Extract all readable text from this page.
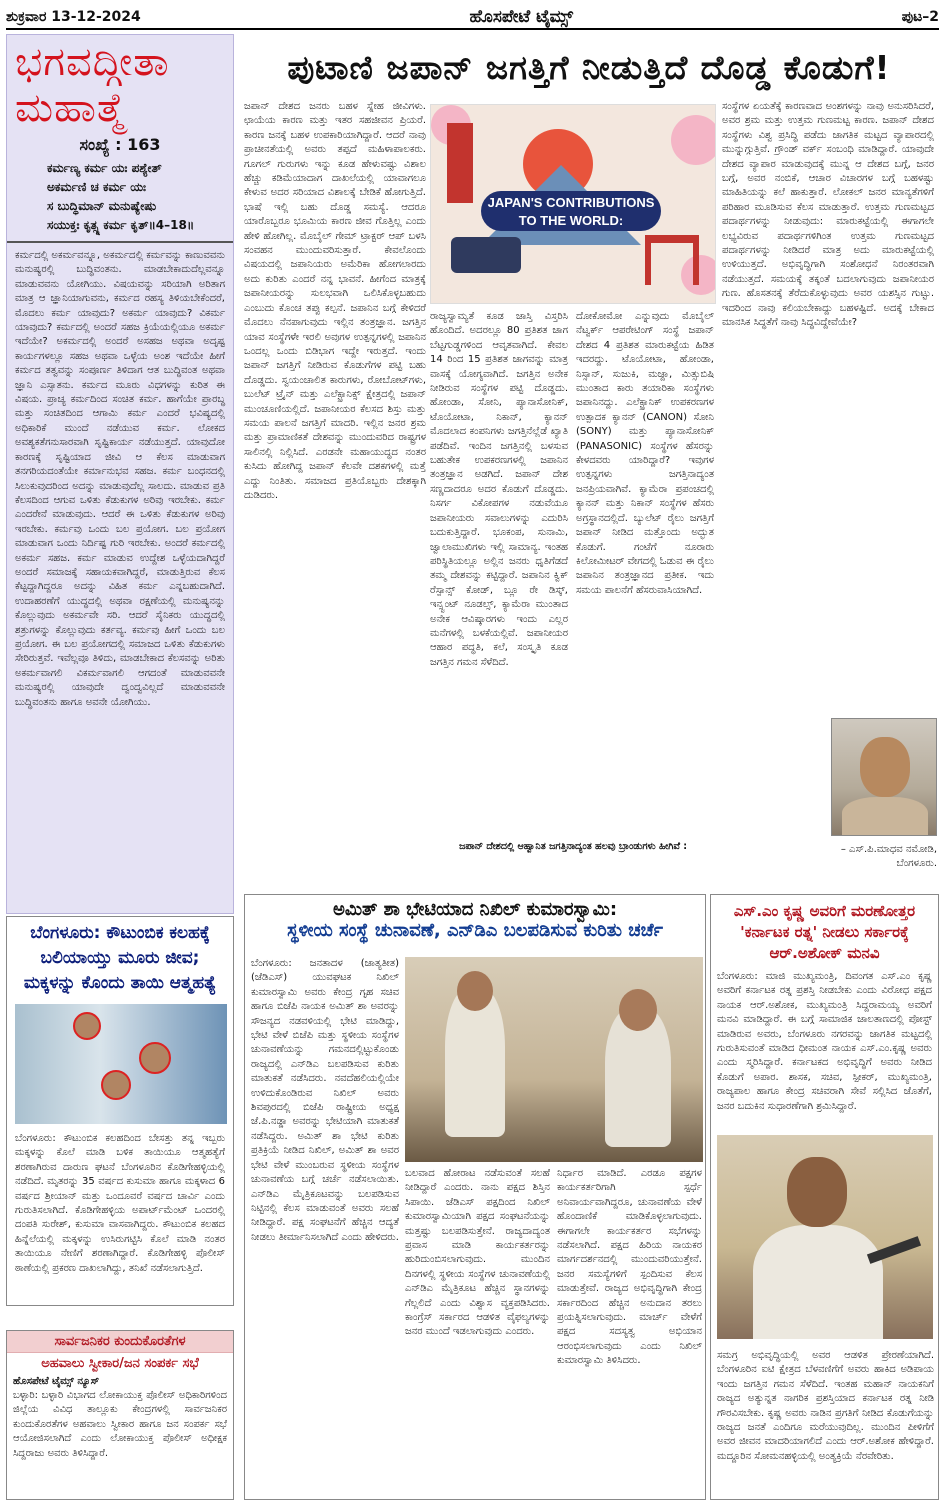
ಶುಕ್ರವಾರ 13-12-2024	ಹೊಸಪೇಟೆ ಟೈಮ್ಸ್	ಪುಟ–2
ಭಗವದ್ಗೀತಾ
ಮಹಾತ್ಮೆ
ಸಂಖ್ಯೆ : 163
ಕರ್ಮಣ್ಯ ಕರ್ಮ ಯಃ ಪಶ್ಯೇತ್
ಅಕರ್ಮಣಿ ಚ ಕರ್ಮ ಯಃ
ಸ ಬುದ್ಧಿಮಾನ್ ಮನುಷ್ಯೇಷು
ಸಯುಕ್ತಃ ಕೃತ್ಸ್ನ ಕರ್ಮ ಕೃತ್‌॥4–18॥
ಕರ್ಮದಲ್ಲಿ ಅಕರ್ಮವನ್ನೂ, ಅಕರ್ಮದಲ್ಲಿ ಕರ್ಮವನ್ನು ಕಾಣುವವನು ಮನುಷ್ಯರಲ್ಲಿ ಬುದ್ಧಿವಂತನು. ಮಾಡಬೇಕಾದುದೆಲ್ಲವನ್ನೂ ಮಾಡುವವನು ಯೋಗಿಯು. ವಿಷಯವನ್ನು ಸರಿಯಾಗಿ ಅರಿತಾಗ ಮಾತ್ರ ಆ ಜ್ಞಾನಿಯಾಗುವನು, ಕರ್ಮದ ರಹಸ್ಯ ತಿಳಿಯಬೇಕೆಂದರೆ, ಮೊದಲು ಕರ್ಮ ಯಾವುದು? ಅಕರ್ಮ ಯಾವುದು? ವಿಕರ್ಮ ಯಾವುದು? ಕರ್ಮದಲ್ಲಿ ಅಂದರೆ ಸಹಜ ಕ್ರಿಯೆಯಲ್ಲಿಯೂ ಅಕರ್ಮ ಇದೆಯೇ? ಅಕರ್ಮದಲ್ಲಿ ಅಂದರೆ ಅಸಹಜ ಅಥವಾ ಅದೃಷ್ಟ ಕಾರ್ಯಗಳಲ್ಲೂ ಸಹಜ ಅಥವಾ ಒಳ್ಳೆಯ ಅಂಶ ಇದೆಯೇ ಹೀಗೆ ಕರ್ಮದ ತತ್ವವನ್ನು ಸಂಪೂರ್ಣ ತಿಳಿದಾಗ ಆತ ಬುದ್ಧಿವಂತ ಅಥವಾ ಜ್ಞಾನಿ ಎಸ್ಸಾತನು. ಕರ್ಮದ ಮೂರು ವಿಧಗಳನ್ನು ಕುರಿತ ಈ ವಿಷಯ. ಪ್ರಾಚ್ಯ ಕರ್ಮದಿಂದ ಸಂಚಿತ ಕರ್ಮ. ಹಾಗೆಯೇ ಪ್ರಾರಬ್ಧ ಮತ್ತು ಸಂಚಿತದಿಂದ ಆಗಾಮಿ ಕರ್ಮ ಎಂದರೆ ಭವಿಷ್ಯದಲ್ಲಿ ಅಧಿಕಾರಿಕೆ ಮುಂದೆ ನಡೆಯುವ ಕರ್ಮ. ಲೋಕದ ಅವಶ್ಯಕತೆಗನುಸಾರವಾಗಿ ಸೃಷ್ಟಿಕಾರ್ಯ ನಡೆಯುತ್ತದೆ. ಯಾವುದೋ ಕಾರಣಕ್ಕೆ ಸೃಷ್ಟಿಯಾದ ಜೀವಿ ಆ ಕೆಲಸ ಮಾಡುವಾಗ ತನಗರಿಯದಂತೆಯೇ ಕರ್ಮಾನುಭವ ಸಹಜ. ಕರ್ಮ ಬಂಧನದಲ್ಲಿ ಸಿಲುಕುವುದರಿಂದ ಅದನ್ನು ಮಾಡುವುದೆಲ್ಲ ಸಾಲದು. ಮಾಡುವ ಪ್ರತಿ ಕೆಲಸದಿಂದ ಆಗುವ ಒಳಿತು ಕೆಡುಕುಗಳ ಅರಿವು ಇರಬೇಕು. ಕರ್ಮ ಎಂದರೇನೆ ಮಾಡುವುದು. ಆದರೆ ಈ ಒಳಿತು ಕೆಡುಕುಗಳ ಅರಿವು ಇರಬೇಕು. ಕರ್ಮವು ಒಂದು ಬಲ ಪ್ರಯೋಗ. ಬಲ ಪ್ರಯೋಗ ಮಾಡುವಾಗ ಒಂದು ನಿರ್ದಿಷ್ಟ ಗುರಿ ಇರಬೇಕು. ಅಂದರೆ ಕರ್ಮದಲ್ಲಿ ಅಕರ್ಮ ಸಹಜ. ಕರ್ಮ ಮಾಡುವ ಉದ್ದೇಶ ಒಳ್ಳೆಯದಾಗಿದ್ದರೆ ಅಂದರೆ ಸಮಾಜಕ್ಕೆ ಸಹಾಯಕವಾಗಿದ್ದರೆ, ಮಾಡುತ್ತಿರುವ ಕೆಲಸ ಕೆಟ್ಟದ್ದಾಗಿದ್ದರೂ ಅದನ್ನು ವಿಹಿತ ಕರ್ಮ ಎನ್ನಬಹುದಾಗಿದೆ. ಉದಾಹರಣೆಗೆ ಯುದ್ಧದಲ್ಲಿ ಅಥವಾ ರಕ್ಷಣೆಯಲ್ಲಿ ಮನುಷ್ಯನನ್ನು ಕೊಲ್ಲುವುದು ಅಕರ್ಮವೇ ಸರಿ. ಆದರೆ ಸೈನಿಕರು ಯುದ್ಧದಲ್ಲಿ ಶತ್ರುಗಳನ್ನು ಕೊಲ್ಲುವುದು ಕರ್ತವ್ಯ. ಕರ್ಮವು ಹೀಗೆ ಒಂದು ಬಲ ಪ್ರಯೋಗ. ಈ ಬಲ ಪ್ರಯೋಗದಲ್ಲಿ ಸಮಾಜದ ಒಳಿತು ಕೆಡುಕುಗಳು ಸೇರಿರುತ್ತವೆ. ಇವೆಲ್ಲವೂ ತಿಳಿದು, ಮಾಡಬೇಕಾದ ಕೆಲಸವನ್ನು ಅರಿತು ಅಕರ್ಮವಾಗಲಿ ವಿಕರ್ಮವಾಗಲಿ ಆಗದಂತೆ ಮಾಡುವವನೇ ಮನುಷ್ಯರಲ್ಲಿ ಯಾವುದೇ ದ್ವಂದ್ವವಿಲ್ಲದೆ ಮಾಡುವವನೇ ಬುದ್ಧಿವಂತನು ಹಾಗೂ ಅವನೇ ಯೋಗಿಯು.
– ಎಸ್.ಪಿ.ಮಾಧವ ನಮೋಡಿ,
ಬೆಂಗಳೂರು.
ಪುಟಾಣಿ ಜಪಾನ್ ಜಗತ್ತಿಗೆ ನೀಡುತ್ತಿದೆ ದೊಡ್ಡ ಕೊಡುಗೆ!
ಜಪಾನ್ ದೇಶದ ಜನರು ಬಹಳ ಸ್ನೇಹ ಜೀವಿಗಳು. ಛಾಯೆಯ ಕಾರಣ ಮತ್ತು ಇತರ ಸಹಜೀವನ ಪ್ರಿಯರೆ. ಕಾರಣ ಜನಕ್ಕೆ ಬಹಳ ಉಪಕಾರಿಯಾಗಿದ್ದಾರೆ. ಆದರೆ ನಾವು ಪ್ರಾಚೀನತೆಯಲ್ಲಿ ಅವರು ತಪ್ಪದೆ ಮಹಿಳಾಪಾಲಕರು. ಗೂಗಲ್ ಗುರುಗಳು ಇನ್ನು ಕೂಡ ಹೇಳುವಷ್ಟು ವಿಶಾಲ ಹೆಚ್ಚು ಕಡಿಮೆಯಾದಾಗ ದಾಖಲೆಯಲ್ಲಿ ಯಾವಾಗಲೂ ಕೇಳುವ ಅದರ ಸರಿಯಾದ ವಿಶಾಲಕ್ಕೆ ಬೇಡಿಕೆ ಹೋಗುತ್ತಿದೆ. ಭಾಷೆ ಇಲ್ಲಿ ಬಹು ದೊಡ್ಡ ಸಮಸ್ಯೆ. ಆದರೂ ಯಾರೊಬ್ಬರೂ ಭೂಮಿಯ ಕಾರಣ ಜೀವ ಗೊತ್ತಿಲ್ಲ ಎಂದು ಹೇಳಿ ಹೋಗಿಲ್ಲ. ಮೊಬೈಲ್ ಗೇಮ್ ಟ್ರಾಕ್ಟರ್ ಆಪ್ ಬಳಸಿ ಸಂವಹನ ಮುಂದುವರಿಸುತ್ತಾರೆ. ಕೇವಲೊಂದು ವಿಷಯದಲ್ಲಿ ಜಪಾನಿಯರು ಅಮೆರಿಕಾ ಹೋಗಲಾರದು ಅದು ಕುರಿತು ಎಂದರೆ ನನ್ನ ಭಾವನೆ. ಹೀಗೆಂದ ಮಾತ್ರಕ್ಕೆ ಜಪಾನೀಯರನ್ನು ಸುಲಭವಾಗಿ ಒಲಿಸಿಕೊಳ್ಳಬಹುದು ಎಂಬುದು ಕೊಂಚ ತಪ್ಪು ಕಲ್ಪನೆ. ಜಪಾನಿನ ಬಗ್ಗೆ ಕೇಳಿದರೆ ಮೊದಲು ನೆನಪಾಗುವುದು ಇಲ್ಲಿನ ತಂತ್ರಜ್ಞಾನ. ಜಗತ್ತಿನ ಯಾವ ಸಂಸ್ಥೆಗಳೇ ಇರಲಿ ಅವುಗಳ ಉತ್ಪನ್ನಗಳಲ್ಲಿ ಜಪಾನಿನ ಒಂದಲ್ಲ ಒಂದು ಬಿಡಿಭಾಗ ಇದ್ದೇ ಇರುತ್ತದೆ. ಇಂದು ಜಪಾನ್ ಜಗತ್ತಿಗೆ ನೀಡಿರುವ ಕೊಡುಗೆಗಳ ಪಟ್ಟಿ ಬಹು ದೊಡ್ಡದು. ಸ್ವಯಂಚಾಲಿತ ಕಾರುಗಳು, ರೋಬೋಟ್‌ಗಳು, ಬುಲೆಟ್ ಟ್ರೈನ್ ಮತ್ತು ಎಲೆಕ್ಟ್ರಾನಿಕ್ಸ್ ಕ್ಷೇತ್ರದಲ್ಲಿ ಜಪಾನ್ ಮುಂಚೂಣಿಯಲ್ಲಿದೆ. ಜಪಾನೀಯರ ಕೆಲಸದ ಶಿಸ್ತು ಮತ್ತು ಸಮಯ ಪಾಲನೆ ಜಗತ್ತಿಗೆ ಮಾದರಿ. ಇಲ್ಲಿನ ಜನರ ಶ್ರಮ ಮತ್ತು ಪ್ರಾಮಾಣಿಕತೆ ದೇಶವನ್ನು ಮುಂದುವರಿದ ರಾಷ್ಟ್ರಗಳ ಸಾಲಿನಲ್ಲಿ ನಿಲ್ಲಿಸಿದೆ. ಎರಡನೇ ಮಹಾಯುದ್ಧದ ನಂತರ ಕುಸಿದು ಹೋಗಿದ್ದ ಜಪಾನ್ ಕೆಲವೇ ದಶಕಗಳಲ್ಲಿ ಮತ್ತೆ ಎದ್ದು ನಿಂತಿತು. ಸಮಾಜದ ಪ್ರತಿಯೊಬ್ಬರು ದೇಶಕ್ಕಾಗಿ ದುಡಿದರು.
JAPAN'S CONTRIBUTIONS
TO THE WORLD:
ರಾಜ್ಯಸ್ವಾಮ್ಯತೆ ಕೂಡ ಜಾಸ್ತಿ ವಿಸ್ತರಿಸಿ ಹೊಂದಿದೆ. ಅದರಲ್ಲೂ 80 ಪ್ರತಿಶತ ಜಾಗ ಬೆಟ್ಟಗುಡ್ಡಗಳಿಂದ ಆವೃತವಾಗಿದೆ. ಕೇವಲ 14 ರಿಂದ 15 ಪ್ರತಿಶತ ಜಾಗವನ್ನು ಮಾತ್ರ ವಾಸಕ್ಕೆ ಯೋಗ್ಯವಾಗಿದೆ. ಜಗತ್ತಿನ ಅನೇಕ ನೀಡಿರುವ ಸಂಸ್ಥೆಗಳ ಪಟ್ಟಿ ದೊಡ್ಡದು. ಹೋಂಡಾ, ಸೋನಿ, ಪ್ಯಾನಾಸೋನಿಕ್, ಟೊಯೋಟಾ, ನಿಕಾನ್, ಕ್ಯಾನನ್ ಮೊದಲಾದ ಕಂಪನಿಗಳು ಜಗತ್ತಿನೆಲ್ಲೆಡೆ ಖ್ಯಾತಿ ಪಡೆದಿವೆ. ಇಂದಿನ ಜಗತ್ತಿನಲ್ಲಿ ಬಳಸುವ ಬಹುತೇಕ ಉಪಕರಣಗಳಲ್ಲಿ ಜಪಾನಿನ ತಂತ್ರಜ್ಞಾನ ಅಡಗಿದೆ. ಜಪಾನ್ ದೇಶ ಸಣ್ಣದಾದರೂ ಅದರ ಕೊಡುಗೆ ದೊಡ್ಡದು. ನಿಸರ್ಗ ವಿಕೋಪಗಳ ನಡುವೆಯೂ ಜಪಾನೀಯರು ಸವಾಲುಗಳನ್ನು ಎದುರಿಸಿ ಬದುಕುತ್ತಿದ್ದಾರೆ. ಭೂಕಂಪ, ಸುನಾಮಿ, ಜ್ವಾಲಾಮುಖಿಗಳು ಇಲ್ಲಿ ಸಾಮಾನ್ಯ. ಇಂತಹ ಪರಿಸ್ಥಿತಿಯಲ್ಲೂ ಅಲ್ಲಿನ ಜನರು ಧೃತಿಗೆಡದೆ ತಮ್ಮ ದೇಶವನ್ನು ಕಟ್ಟಿದ್ದಾರೆ. ಜಪಾನಿನ ಕ್ವಿಕ್ ರೆಸ್ಪಾನ್ಸ್ ಕೋಡ್, ಬ್ಲೂ ರೇ ಡಿಸ್ಕ್, ಇನ್ಸ್ಟಂಟ್ ನೂಡಲ್ಸ್, ಕ್ಯಾಮೆರಾ ಮುಂತಾದ ಅನೇಕ ಆವಿಷ್ಕಾರಗಳು ಇಂದು ಎಲ್ಲರ ಮನೆಗಳಲ್ಲಿ ಬಳಕೆಯಲ್ಲಿವೆ. ಜಪಾನೀಯರ ಆಹಾರ ಪದ್ಧತಿ, ಕಲೆ, ಸಂಸ್ಕೃತಿ ಕೂಡ ಜಗತ್ತಿನ ಗಮನ ಸೆಳೆದಿದೆ.
ದೋಕೋಮೋ ಎನ್ನುವುದು ಮೊಬೈಲ್ ನೆಟ್ವರ್ಕ್ ಆಪರೇಟಿಂಗ್ ಸಂಸ್ಥೆ ಜಪಾನ್ ದೇಶದ 4 ಪ್ರತಿಶತ ಮಾರುಕಟ್ಟೆಯ ಹಿಡಿತ ಇದರದ್ದು. ಟೊಯೋಟಾ, ಹೋಂಡಾ, ನಿಸ್ಸಾನ್, ಸುಜುಕಿ, ಮಜ್ದಾ, ಮಿತ್ಸುಬಿಷಿ ಮುಂತಾದ ಕಾರು ತಯಾರಿಕಾ ಸಂಸ್ಥೆಗಳು ಜಪಾನಿನದ್ದು. ಎಲೆಕ್ಟ್ರಾನಿಕ್ ಉಪಕರಣಗಳ ಉತ್ಪಾದಕ ಕ್ಯಾನನ್ (CANON) ಸೋನಿ (SONY) ಮತ್ತು ಪ್ಯಾನಾಸೋನಿಕ್ (PANASONIC) ಸಂಸ್ಥೆಗಳ ಹೆಸರನ್ನು ಕೇಳದವರು ಯಾರಿದ್ದಾರೆ? ಇವುಗಳ ಉತ್ಪನ್ನಗಳು ಜಗತ್ತಿನಾದ್ಯಂತ ಜನಪ್ರಿಯವಾಗಿವೆ. ಕ್ಯಾಮೆರಾ ಪ್ರಪಂಚದಲ್ಲಿ ಕ್ಯಾನನ್ ಮತ್ತು ನಿಕಾನ್ ಸಂಸ್ಥೆಗಳ ಹೆಸರು ಅಗ್ರಸ್ಥಾನದಲ್ಲಿದೆ. ಬ್ಯುಲೆಟ್ ರೈಲು ಜಗತ್ತಿಗೆ ಜಪಾನ್ ನೀಡಿದ ಮತ್ತೊಂದು ಅದ್ಭುತ ಕೊಡುಗೆ. ಗಂಟೆಗೆ ನೂರಾರು ಕಿಲೋಮೀಟರ್ ವೇಗದಲ್ಲಿ ಓಡುವ ಈ ರೈಲು ಜಪಾನಿನ ತಂತ್ರಜ್ಞಾನದ ಪ್ರತೀಕ. ಇದು ಸಮಯ ಪಾಲನೆಗೆ ಹೆಸರುವಾಸಿಯಾಗಿದೆ.
ಜಪಾನ್ ದೇಶದಲ್ಲಿ ಆಹ್ವಾನಿತ ಜಗತ್ತಿನಾದ್ಯಂತ ಹಲವು ಬ್ರಾಂಡುಗಳು ಹೀಗಿವೆ :
ಸಂಸ್ಥೆಗಳ ಏಯತೆಕ್ಕೆ ಕಾರಣವಾದ ಅಂಶಗಳನ್ನು ನಾವು ಅನುಸರಿಸಿದರೆ, ಅವರ ಶ್ರಮ ಮತ್ತು ಉತ್ತಮ ಗುಣಮಟ್ಟ ಕಾರಣ. ಜಪಾನ್ ದೇಶದ ಸಂಸ್ಥೆಗಳು ವಿಶ್ವ ಪ್ರಸಿದ್ಧಿ ಪಡೆದು ಜಾಗತಿಕ ಮಟ್ಟದ ವ್ಯಾಪಾರದಲ್ಲಿ ಮುನ್ನುಗ್ಗುತ್ತಿವೆ. ಗ್ರೌಂಡ್ ವರ್ಕ್ ಸಂಬಂಧಿ ಮಾಡಿದ್ದಾರೆ. ಯಾವುದೇ ದೇಶದ ವ್ಯಾಪಾರ ಮಾಡುವುದಕ್ಕೆ ಮುನ್ನ ಆ ದೇಶದ ಬಗ್ಗೆ, ಜನರ ಬಗ್ಗೆ, ಅವರ ನಂಬಿಕೆ, ಆಚಾರ ವಿಚಾರಗಳ ಬಗ್ಗೆ ಬಹಳಷ್ಟು ಮಾಹಿತಿಯನ್ನು ಕಲೆ ಹಾಕುತ್ತಾರೆ. ಲೋಕಲ್ ಜನರ ಮಾನ್ಯತೆಗಳಿಗೆ ಪರಿಹಾರ ಮೂಡಿಸುವ ಕೆಲಸ ಮಾಡುತ್ತಾರೆ. ಉತ್ತಮ ಗುಣಮಟ್ಟದ ಪದಾರ್ಥಗಳನ್ನು ನೀಡುವುದು: ಮಾರುಕಟ್ಟೆಯಲ್ಲಿ ಈಗಾಗಲೇ ಲಭ್ಯವಿರುವ ಪದಾರ್ಥಗಳಿಗಿಂತ ಉತ್ತಮ ಗುಣಮಟ್ಟದ ಪದಾರ್ಥಗಳನ್ನು ನೀಡಿದರೆ ಮಾತ್ರ ಅದು ಮಾರುಕಟ್ಟೆಯಲ್ಲಿ ಉಳಿಯುತ್ತದೆ. ಅಭಿವೃದ್ಧಿಗಾಗಿ ಸಂಶೋಧನೆ ನಿರಂತರವಾಗಿ ನಡೆಯುತ್ತದೆ. ಸಮಯಕ್ಕೆ ತಕ್ಕಂತೆ ಬದಲಾಗುವುದು ಜಪಾನೀಯರ ಗುಣ. ಹೊಸತನಕ್ಕೆ ತೆರೆದುಕೊಳ್ಳುವುದು ಅವರ ಯಶಸ್ಸಿನ ಗುಟ್ಟು. ಇದರಿಂದ ನಾವು ಕಲಿಯಬೇಕಾದ್ದು ಬಹಳಷ್ಟಿದೆ. ಅದಕ್ಕೆ ಬೇಕಾದ ಮಾನಸಿಕ ಸಿದ್ಧತೆಗೆ ನಾವು ಸಿದ್ಧವಿದ್ದೇವೆಯೇ?
ಬೆಂಗಳೂರು: ಕೌಟುಂಬಿಕ ಕಲಹಕ್ಕೆ ಬಲಿಯಾಯ್ತು ಮೂರು ಜೀವ; ಮಕ್ಕಳನ್ನು ಕೊಂದು ತಾಯಿ ಆತ್ಮಹತ್ಯೆ
ಬೆಂಗಳೂರು: ಕೌಟುಂಬಿಕ ಕಲಹದಿಂದ ಬೇಸತ್ತು ತನ್ನ ಇಬ್ಬರು ಮಕ್ಕಳನ್ನು ಕೊಲೆ ಮಾಡಿ ಬಳಿಕ ತಾಯಿಯೂ ಆತ್ಮಹತ್ಯೆಗೆ ಶರಣಾಗಿರುವ ದಾರುಣ ಘಟನೆ ಬೆಂಗಳೂರಿನ ಕೊಡಿಗೇಹಳ್ಳಿಯಲ್ಲಿ ನಡೆದಿದೆ. ಮೃತರನ್ನು 35 ವರ್ಷದ ಕುಸುಮಾ ಹಾಗೂ ಮಕ್ಕಳಾದ 6 ವರ್ಷದ ಶ್ರೀಯಾನ್ ಮತ್ತು ಒಂದೂವರೆ ವರ್ಷದ ಚಾರ್ವಿ ಎಂದು ಗುರುತಿಸಲಾಗಿದೆ. ಕೊಡಿಗೇಹಳ್ಳಿಯ ಅಪಾರ್ಟ್‌ಮೆಂಟ್ ಒಂದರಲ್ಲಿ ದಂಪತಿ ಸುರೇಶ್, ಕುಸುಮಾ ವಾಸವಾಗಿದ್ದರು. ಕೌಟುಂಬಿಕ ಕಲಹದ ಹಿನ್ನೆಲೆಯಲ್ಲಿ ಮಕ್ಕಳನ್ನು ಉಸಿರುಗಟ್ಟಿಸಿ ಕೊಲೆ ಮಾಡಿ ನಂತರ ತಾಯಿಯೂ ನೇಣಿಗೆ ಶರಣಾಗಿದ್ದಾರೆ. ಕೊಡಿಗೇಹಳ್ಳಿ ಪೊಲೀಸ್ ಠಾಣೆಯಲ್ಲಿ ಪ್ರಕರಣ ದಾಖಲಾಗಿದ್ದು, ತನಿಖೆ ನಡೆಸಲಾಗುತ್ತಿದೆ.
ಸಾರ್ವಜನಿಕರ ಕುಂದುಕೊರತೆಗಳ
ಅಹವಾಲು ಸ್ವೀಕಾರ/ಜನ ಸಂಪರ್ಕ ಸಭೆ
ಹೊಸಪೇಟೆ ಟೈಮ್ಸ್ ನ್ಯೂಸ್
ಬಳ್ಳಾರಿ: ಬಳ್ಳಾರಿ ವಿಭಾಗದ ಲೋಕಾಯುಕ್ತ ಪೊಲೀಸ್ ಅಧಿಕಾರಿಗಳಿಂದ ಜಿಲ್ಲೆಯ ವಿವಿಧ ತಾಲ್ಲೂಕು ಕೇಂದ್ರಗಳಲ್ಲಿ ಸಾರ್ವಜನಿಕರ ಕುಂದುಕೊರತೆಗಳ ಅಹವಾಲು ಸ್ವೀಕಾರ ಹಾಗೂ ಜನ ಸಂಪರ್ಕ ಸಭೆ ಆಯೋಜಿಸಲಾಗಿದೆ ಎಂದು ಲೋಕಾಯುಕ್ತ ಪೊಲೀಸ್ ಅಧೀಕ್ಷಕ ಸಿದ್ದರಾಜು ಅವರು ತಿಳಿಸಿದ್ದಾರೆ.
ಅಮಿತ್ ಶಾ ಭೇಟಿಯಾದ ನಿಖಿಲ್ ಕುಮಾರಸ್ವಾಮಿ:
ಸ್ಥಳೀಯ ಸಂಸ್ಥೆ ಚುನಾವಣೆ, ಎನ್‌ಡಿಎ ಬಲಪಡಿಸುವ ಕುರಿತು ಚರ್ಚೆ
ಬೆಂಗಳೂರು: ಜನತಾದಳ (ಜಾತ್ಯತೀತ) (ಜೆಡಿಎಸ್) ಯುವಘಟಕ ನಿಖಿಲ್ ಕುಮಾರಸ್ವಾಮಿ ಅವರು ಕೇಂದ್ರ ಗೃಹ ಸಚಿವ ಹಾಗೂ ಬಿಜೆಪಿ ನಾಯಕ ಅಮಿತ್ ಶಾ ಅವರನ್ನು ಸೌಜನ್ಯದ ನಡವಳಿಯಲ್ಲಿ ಭೇಟಿ ಮಾಡಿದ್ದು, ಭೇಟಿ ವೇಳೆ ಬಿಜೆಪಿ ಮತ್ತು ಸ್ಥಳೀಯ ಸಂಸ್ಥೆಗಳ ಚುನಾವಣೆಯನ್ನು ಗಮನದಲ್ಲಿಟ್ಟುಕೊಂಡು ರಾಜ್ಯದಲ್ಲಿ ಎನ್‌ಡಿಎ ಬಲಪಡಿಸುವ ಕುರಿತು ಮಾತುಕತೆ ನಡೆಸಿದರು. ನವದೆಹಲಿಯಲ್ಲಿಯೇ ಉಳಿದುಕೊಂಡಿರುವ ನಿಖಿಲ್ ಅವರು ಶಿವಪುರದಲ್ಲಿ ಬಿಜೆಪಿ ರಾಷ್ಟ್ರೀಯ ಅಧ್ಯಕ್ಷ ಜೆ.ಪಿ.ನಡ್ಡಾ ಅವರನ್ನು ಭೇಟಿಯಾಗಿ ಮಾತುಕತೆ ನಡೆಸಿದ್ದರು. ಅಮಿತ್ ಶಾ ಭೇಟಿ ಕುರಿತು ಪ್ರತಿಕ್ರಿಯೆ ನೀಡಿದ ನಿಖಿಲ್, ಅಮಿತ್ ಶಾ ಅವರ ಭೇಟಿ ವೇಳೆ ಮುಂಬರುವ ಸ್ಥಳೀಯ ಸಂಸ್ಥೆಗಳ ಚುನಾವಣೆಯ ಬಗ್ಗೆ ಚರ್ಚೆ ನಡೆಸಲಾಯಿತು. ಎನ್‌ಡಿಎ ಮೈತ್ರಿಕೂಟವನ್ನು ಬಲಪಡಿಸುವ ನಿಟ್ಟಿನಲ್ಲಿ ಕೆಲಸ ಮಾಡುವಂತೆ ಅವರು ಸಲಹೆ ನೀಡಿದ್ದಾರೆ. ಪಕ್ಷ ಸಂಘಟನೆಗೆ ಹೆಚ್ಚಿನ ಆದ್ಯತೆ ನೀಡಲು ತೀರ್ಮಾನಿಸಲಾಗಿದೆ ಎಂದು ಹೇಳಿದರು.
ಬಲವಾದ ಹೋರಾಟ ನಡೆಸುವಂತೆ ಸಲಹೆ ನೀಡಿದ್ದಾರೆ ಎಂದರು. ನಾನು ಪಕ್ಷದ ಶಿಸ್ತಿನ ಸಿಪಾಯಿ. ಜೆಡಿಎಸ್ ಪಕ್ಷದಿಂದ ನಿಖಿಲ್ ಕುಮಾರಸ್ವಾಮಿಯಾಗಿ ಪಕ್ಷದ ಸಂಘಟನೆಯನ್ನು ಮತ್ತಷ್ಟು ಬಲಪಡಿಸುತ್ತೇನೆ. ರಾಜ್ಯದಾದ್ಯಂತ ಪ್ರವಾಸ ಮಾಡಿ ಕಾರ್ಯಕರ್ತರನ್ನು ಹುರಿದುಂಬಿಸಲಾಗುವುದು. ಮುಂದಿನ ದಿನಗಳಲ್ಲಿ ಸ್ಥಳೀಯ ಸಂಸ್ಥೆಗಳ ಚುನಾವಣೆಯಲ್ಲಿ ಎನ್‌ಡಿಎ ಮೈತ್ರಿಕೂಟ ಹೆಚ್ಚಿನ ಸ್ಥಾನಗಳನ್ನು ಗೆಲ್ಲಲಿದೆ ಎಂದು ವಿಶ್ವಾಸ ವ್ಯಕ್ತಪಡಿಸಿದರು. ಕಾಂಗ್ರೆಸ್ ಸರ್ಕಾರದ ಆಡಳಿತ ವೈಫಲ್ಯಗಳನ್ನು ಜನರ ಮುಂದೆ ಇಡಲಾಗುವುದು ಎಂದರು.
ನಿರ್ಧಾರ ಮಾಡಿದೆ. ಎರಡೂ ಪಕ್ಷಗಳ ಕಾರ್ಯಕರ್ತರಿಗಾಗಿ ಸ್ಪರ್ಧೆ ಅನಿವಾರ್ಯವಾಗಿದ್ದರೂ, ಚುನಾವಣೆಯ ವೇಳೆ ಹೊಂದಾಣಿಕೆ ಮಾಡಿಕೊಳ್ಳಲಾಗುವುದು. ಈಗಾಗಲೇ ಕಾರ್ಯಕರ್ತರ ಸಭೆಗಳನ್ನು ನಡೆಸಲಾಗಿದೆ. ಪಕ್ಷದ ಹಿರಿಯ ನಾಯಕರ ಮಾರ್ಗದರ್ಶನದಲ್ಲಿ ಮುಂದುವರಿಯುತ್ತೇನೆ. ಜನರ ಸಮಸ್ಯೆಗಳಿಗೆ ಸ್ಪಂದಿಸುವ ಕೆಲಸ ಮಾಡುತ್ತೇವೆ. ರಾಜ್ಯದ ಅಭಿವೃದ್ಧಿಗಾಗಿ ಕೇಂದ್ರ ಸರ್ಕಾರದಿಂದ ಹೆಚ್ಚಿನ ಅನುದಾನ ತರಲು ಪ್ರಯತ್ನಿಸಲಾಗುವುದು. ಮಾರ್ಚ್ ವೇಳೆಗೆ ಪಕ್ಷದ ಸದಸ್ಯತ್ವ ಅಭಿಯಾನ ಆರಂಭಿಸಲಾಗುವುದು ಎಂದು ನಿಖಿಲ್ ಕುಮಾರಸ್ವಾಮಿ ತಿಳಿಸಿದರು.
ಎಸ್.ಎಂ ಕೃಷ್ಣ ಅವರಿಗೆ ಮರಣೋತ್ತರ
'ಕರ್ನಾಟಕ ರತ್ನ' ನೀಡಲು ಸರ್ಕಾರಕ್ಕೆ
ಆರ್.ಅಶೋಕ್ ಮನವಿ
ಬೆಂಗಳೂರು: ಮಾಜಿ ಮುಖ್ಯಮಂತ್ರಿ, ದಿವಂಗತ ಎಸ್.ಎಂ ಕೃಷ್ಣ ಅವರಿಗೆ ಕರ್ನಾಟಕ ರತ್ನ ಪ್ರಶಸ್ತಿ ನೀಡಬೇಕು ಎಂದು ವಿರೋಧ ಪಕ್ಷದ ನಾಯಕ ಆರ್.ಅಶೋಕ, ಮುಖ್ಯಮಂತ್ರಿ ಸಿದ್ದರಾಮಯ್ಯ ಅವರಿಗೆ ಮನವಿ ಮಾಡಿದ್ದಾರೆ. ಈ ಬಗ್ಗೆ ಸಾಮಾಜಿಕ ಜಾಲತಾಣದಲ್ಲಿ ಪೋಸ್ಟ್ ಮಾಡಿರುವ ಅವರು, ಬೆಂಗಳೂರು ನಗರವನ್ನು ಜಾಗತಿಕ ಮಟ್ಟದಲ್ಲಿ ಗುರುತಿಸುವಂತೆ ಮಾಡಿದ ಧೀಮಂತ ನಾಯಕ ಎಸ್.ಎಂ.ಕೃಷ್ಣ ಅವರು ಎಂದು ಸ್ಮರಿಸಿದ್ದಾರೆ. ಕರ್ನಾಟಕದ ಅಭಿವೃದ್ಧಿಗೆ ಅವರು ನೀಡಿದ ಕೊಡುಗೆ ಅಪಾರ. ಶಾಸಕ, ಸಚಿವ, ಸ್ಪೀಕರ್, ಮುಖ್ಯಮಂತ್ರಿ, ರಾಜ್ಯಪಾಲ ಹಾಗೂ ಕೇಂದ್ರ ಸಚಿವರಾಗಿ ಸೇವೆ ಸಲ್ಲಿಸಿದ ಜೊತೆಗೆ, ಜನರ ಬದುಕಿನ ಸುಧಾರಣೆಗಾಗಿ ಶ್ರಮಿಸಿದ್ದಾರೆ.
ಸಮಗ್ರ ಅಭಿವೃದ್ಧಿಯಲ್ಲಿ ಅವರ ಆಡಳಿತ ಪ್ರೇರಣೆಯಾಗಿದೆ. ಬೆಂಗಳೂರಿನ ಐಟಿ ಕ್ಷೇತ್ರದ ಬೆಳವಣಿಗೆಗೆ ಅವರು ಹಾಕಿದ ಅಡಿಪಾಯ ಇಂದು ಜಗತ್ತಿನ ಗಮನ ಸೆಳೆದಿದೆ. ಇಂತಹ ಮಹಾನ್ ನಾಯಕನಿಗೆ ರಾಜ್ಯದ ಅತ್ಯುನ್ನತ ನಾಗರಿಕ ಪ್ರಶಸ್ತಿಯಾದ ಕರ್ನಾಟಕ ರತ್ನ ನೀಡಿ ಗೌರವಿಸಬೇಕು. ಕೃಷ್ಣ ಅವರು ನಾಡಿನ ಪ್ರಗತಿಗೆ ನೀಡಿದ ಕೊಡುಗೆಯನ್ನು ರಾಜ್ಯದ ಜನತೆ ಎಂದಿಗೂ ಮರೆಯುವುದಿಲ್ಲ. ಮುಂದಿನ ಪೀಳಿಗೆಗೆ ಅವರ ಜೀವನ ಮಾದರಿಯಾಗಲಿದೆ ಎಂದು ಆರ್.ಅಶೋಕ ಹೇಳಿದ್ದಾರೆ. ಮದ್ದೂರಿನ ಸೋಮನಹಳ್ಳಿಯಲ್ಲಿ ಅಂತ್ಯಕ್ರಿಯೆ ನೆರವೇರಿತು.
